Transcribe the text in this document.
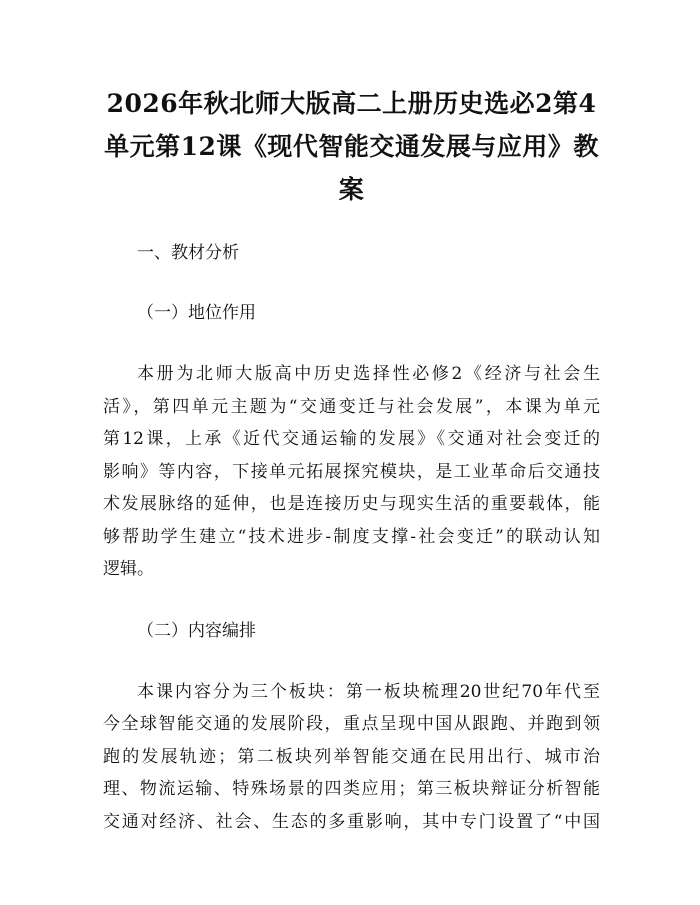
2026年秋北师大版高二上册历史选必2第4
单元第12课《现代智能交通发展与应用》教
案

一、教材分析

（一）地位作用

本册为北师大版高中历史选择性必修2《经济与社会生
活》，第四单元主题为“交通变迁与社会发展”，本课为单元
第12课，上承《近代交通运输的发展》《交通对社会变迁的
影响》等内容，下接单元拓展探究模块，是工业革命后交通技
术发展脉络的延伸，也是连接历史与现实生活的重要载体，能
够帮助学生建立“技术进步-制度支撑-社会变迁”的联动认知
逻辑。

（二）内容编排

本课内容分为三个板块：第一板块梳理20世纪70年代至
今全球智能交通的发展阶段，重点呈现中国从跟跑、并跑到领
跑的发展轨迹；第二板块列举智能交通在民用出行、城市治
理、物流运输、特殊场景的四类应用；第三板块辩证分析智能
交通对经济、社会、生态的多重影响，其中专门设置了“中国
